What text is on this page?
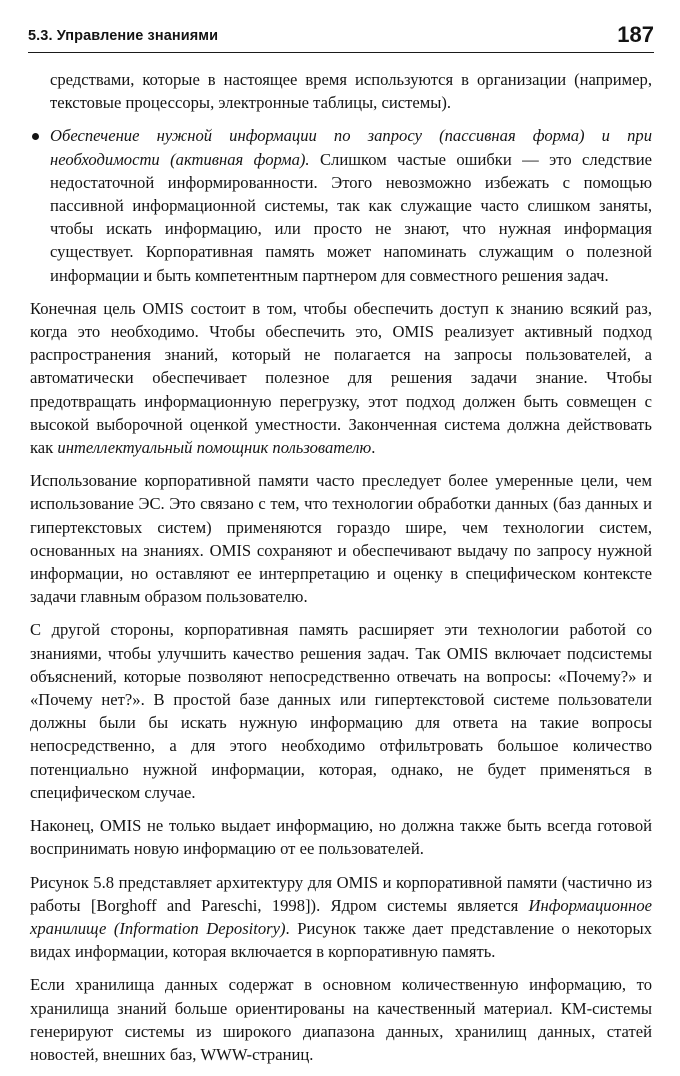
5.3. Управление знаниями	187

средствами, которые в настоящее время используются в организации (например, текстовые процессоры, электронные таблицы, системы).

Обеспечение нужной информации по запросу (пассивная форма) и при необходимости (активная форма). Слишком частые ошибки — это следствие недостаточной информированности. Этого невозможно избежать с помощью пассивной информационной системы, так как служащие часто слишком заняты, чтобы искать информацию, или просто не знают, что нужная информация существует. Корпоративная память может напоминать служащим о полезной информации и быть компетентным партнером для совместного решения задач.

Конечная цель OMIS состоит в том, чтобы обеспечить доступ к знанию всякий раз, когда это необходимо. Чтобы обеспечить это, OMIS реализует активный подход распространения знаний, который не полагается на запросы пользователей, а автоматически обеспечивает полезное для решения задачи знание. Чтобы предотвращать информационную перегрузку, этот подход должен быть совмещен с высокой выборочной оценкой уместности. Законченная система должна действовать как интеллектуальный помощник пользователю.

Использование корпоративной памяти часто преследует более умеренные цели, чем использование ЭС. Это связано с тем, что технологии обработки данных (баз данных и гипертекстовых систем) применяются гораздо шире, чем технологии систем, основанных на знаниях. OMIS сохраняют и обеспечивают выдачу по запросу нужной информации, но оставляют ее интерпретацию и оценку в специфическом контексте задачи главным образом пользователю.

С другой стороны, корпоративная память расширяет эти технологии работой со знаниями, чтобы улучшить качество решения задач. Так OMIS включает подсистемы объяснений, которые позволяют непосредственно отвечать на вопросы: «Почему?» и «Почему нет?». В простой базе данных или гипертекстовой системе пользователи должны были бы искать нужную информацию для ответа на такие вопросы непосредственно, а для этого необходимо отфильтровать большое количество потенциально нужной информации, которая, однако, не будет применяться в специфическом случае.

Наконец, OMIS не только выдает информацию, но должна также быть всегда готовой воспринимать новую информацию от ее пользователей.

Рисунок 5.8 представляет архитектуру для OMIS и корпоративной памяти (частично из работы [Borghoff and Pareschi, 1998]). Ядром системы является Информационное хранилище (Information Depository). Рисунок также дает представление о некоторых видах информации, которая включается в корпоративную память.

Если хранилища данных содержат в основном количественную информацию, то хранилища знаний больше ориентированы на качественный материал. КМ-системы генерируют системы из широкого диапазона данных, хранилищ данных, статей новостей, внешних баз, WWW-страниц.
